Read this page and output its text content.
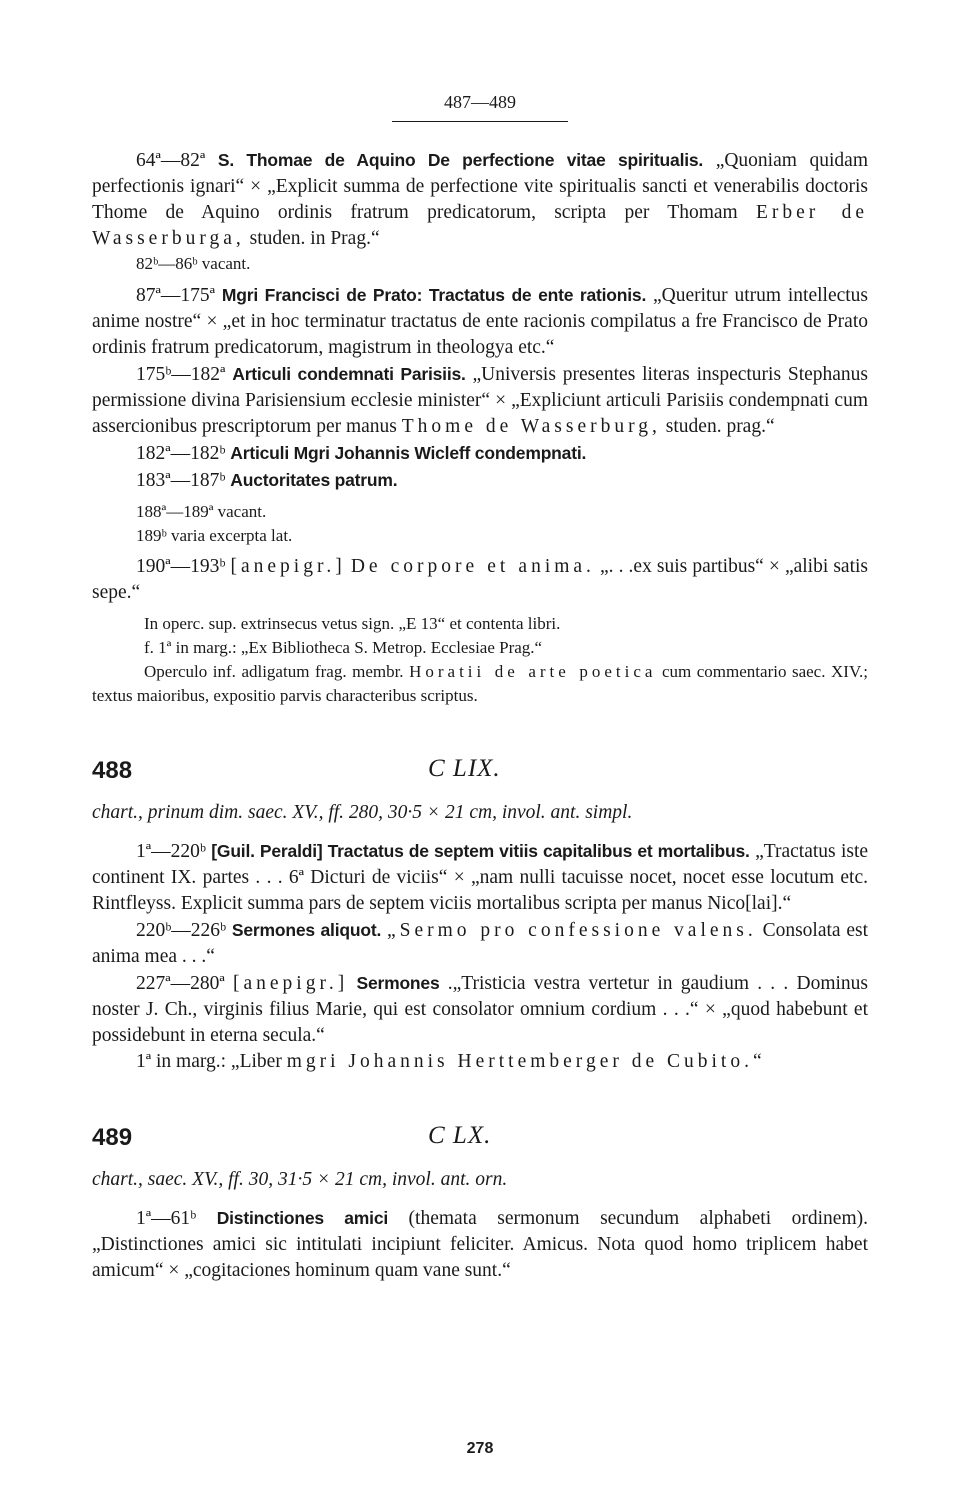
487—489

64ª—82ª S. Thomae de Aquino De perfectione vitae spiritualis. „Quoniam quidam perfectionis ignari“ × „Explicit summa de perfectione vite spiritualis sancti et venerabilis doctoris Thome de Aquino ordinis fratrum predicatorum, scripta per Thomam Erber de Wasserburga, studen. in Prag.“

82ᵇ—86ᵇ vacant.

87ª—175ª Mgri Francisci de Prato: Tractatus de ente rationis. „Queritur utrum intellectus anime nostre“ × „et in hoc terminatur tractatus de ente racionis compilatus a fre Francisco de Prato ordinis fratrum predicatorum, magistrum in theologya etc.“

175ᵇ—182ª Articuli condemnati Parisiis. „Universis presentes literas inspecturis Stephanus permissione divina Parisiensium ecclesie minister“ × „Expliciunt articuli Parisiis condempnati cum assercionibus prescriptorum per manus Thome de Wasserburg, studen. prag.“

182ª—182ᵇ Articuli Mgri Johannis Wicleff condempnati.

183ª—187ᵇ Auctoritates patrum.

188ª—189ª vacant.

189ᵇ varia excerpta lat.

190ª—193ᵇ [anepigr.] De corpore et anima. „. . .ex suis partibus“ × „alibi satis sepe.“

In operc. sup. extrinsecus vetus sign. „E 13“ et contenta libri.

f. 1ª in marg.: „Ex Bibliotheca S. Metrop. Ecclesiae Prag.“

Operculo inf. adligatum frag. membr. Horatii de arte poetica cum commentario saec. XIV.; textus maioribus, expositio parvis characteribus scriptus.

488	C LIX.

chart., prinum dim. saec. XV., ff. 280, 30·5 × 21 cm, invol. ant. simpl.

1ª—220ᵇ [Guil. Peraldi] Tractatus de septem vitiis capitalibus et mortalibus. „Tractatus iste continent IX. partes . . . 6ª Dicturi de viciis“ × „nam nulli tacuisse nocet, nocet esse locutum etc. Rintfleyss. Explicit summa pars de septem viciis mortalibus scripta per manus Nico[lai].“

220ᵇ—226ᵇ Sermones aliquot. „Sermo pro confessione valens. Consolata est anima mea . . .“

227ª—280ª [anepigr.] Sermones .„Tristicia vestra vertetur in gaudium . . . Dominus noster J. Ch., virginis filius Marie, qui est consolator omnium cordium . . .“ × „quod habebunt et possidebunt in eterna secula.“

1ª in marg.: „Liber mgri Johannis Herttemberger de Cubito.“

489	C LX.

chart., saec. XV., ff. 30, 31·5 × 21 cm, invol. ant. orn.

1ª—61ᵇ Distinctiones amici (themata sermonum secundum alphabeti ordinem). „Distinctiones amici sic intitulati incipiunt feliciter. Amicus. Nota quod homo triplicem habet amicum“ × „cogitaciones hominum quam vane sunt.“

278
